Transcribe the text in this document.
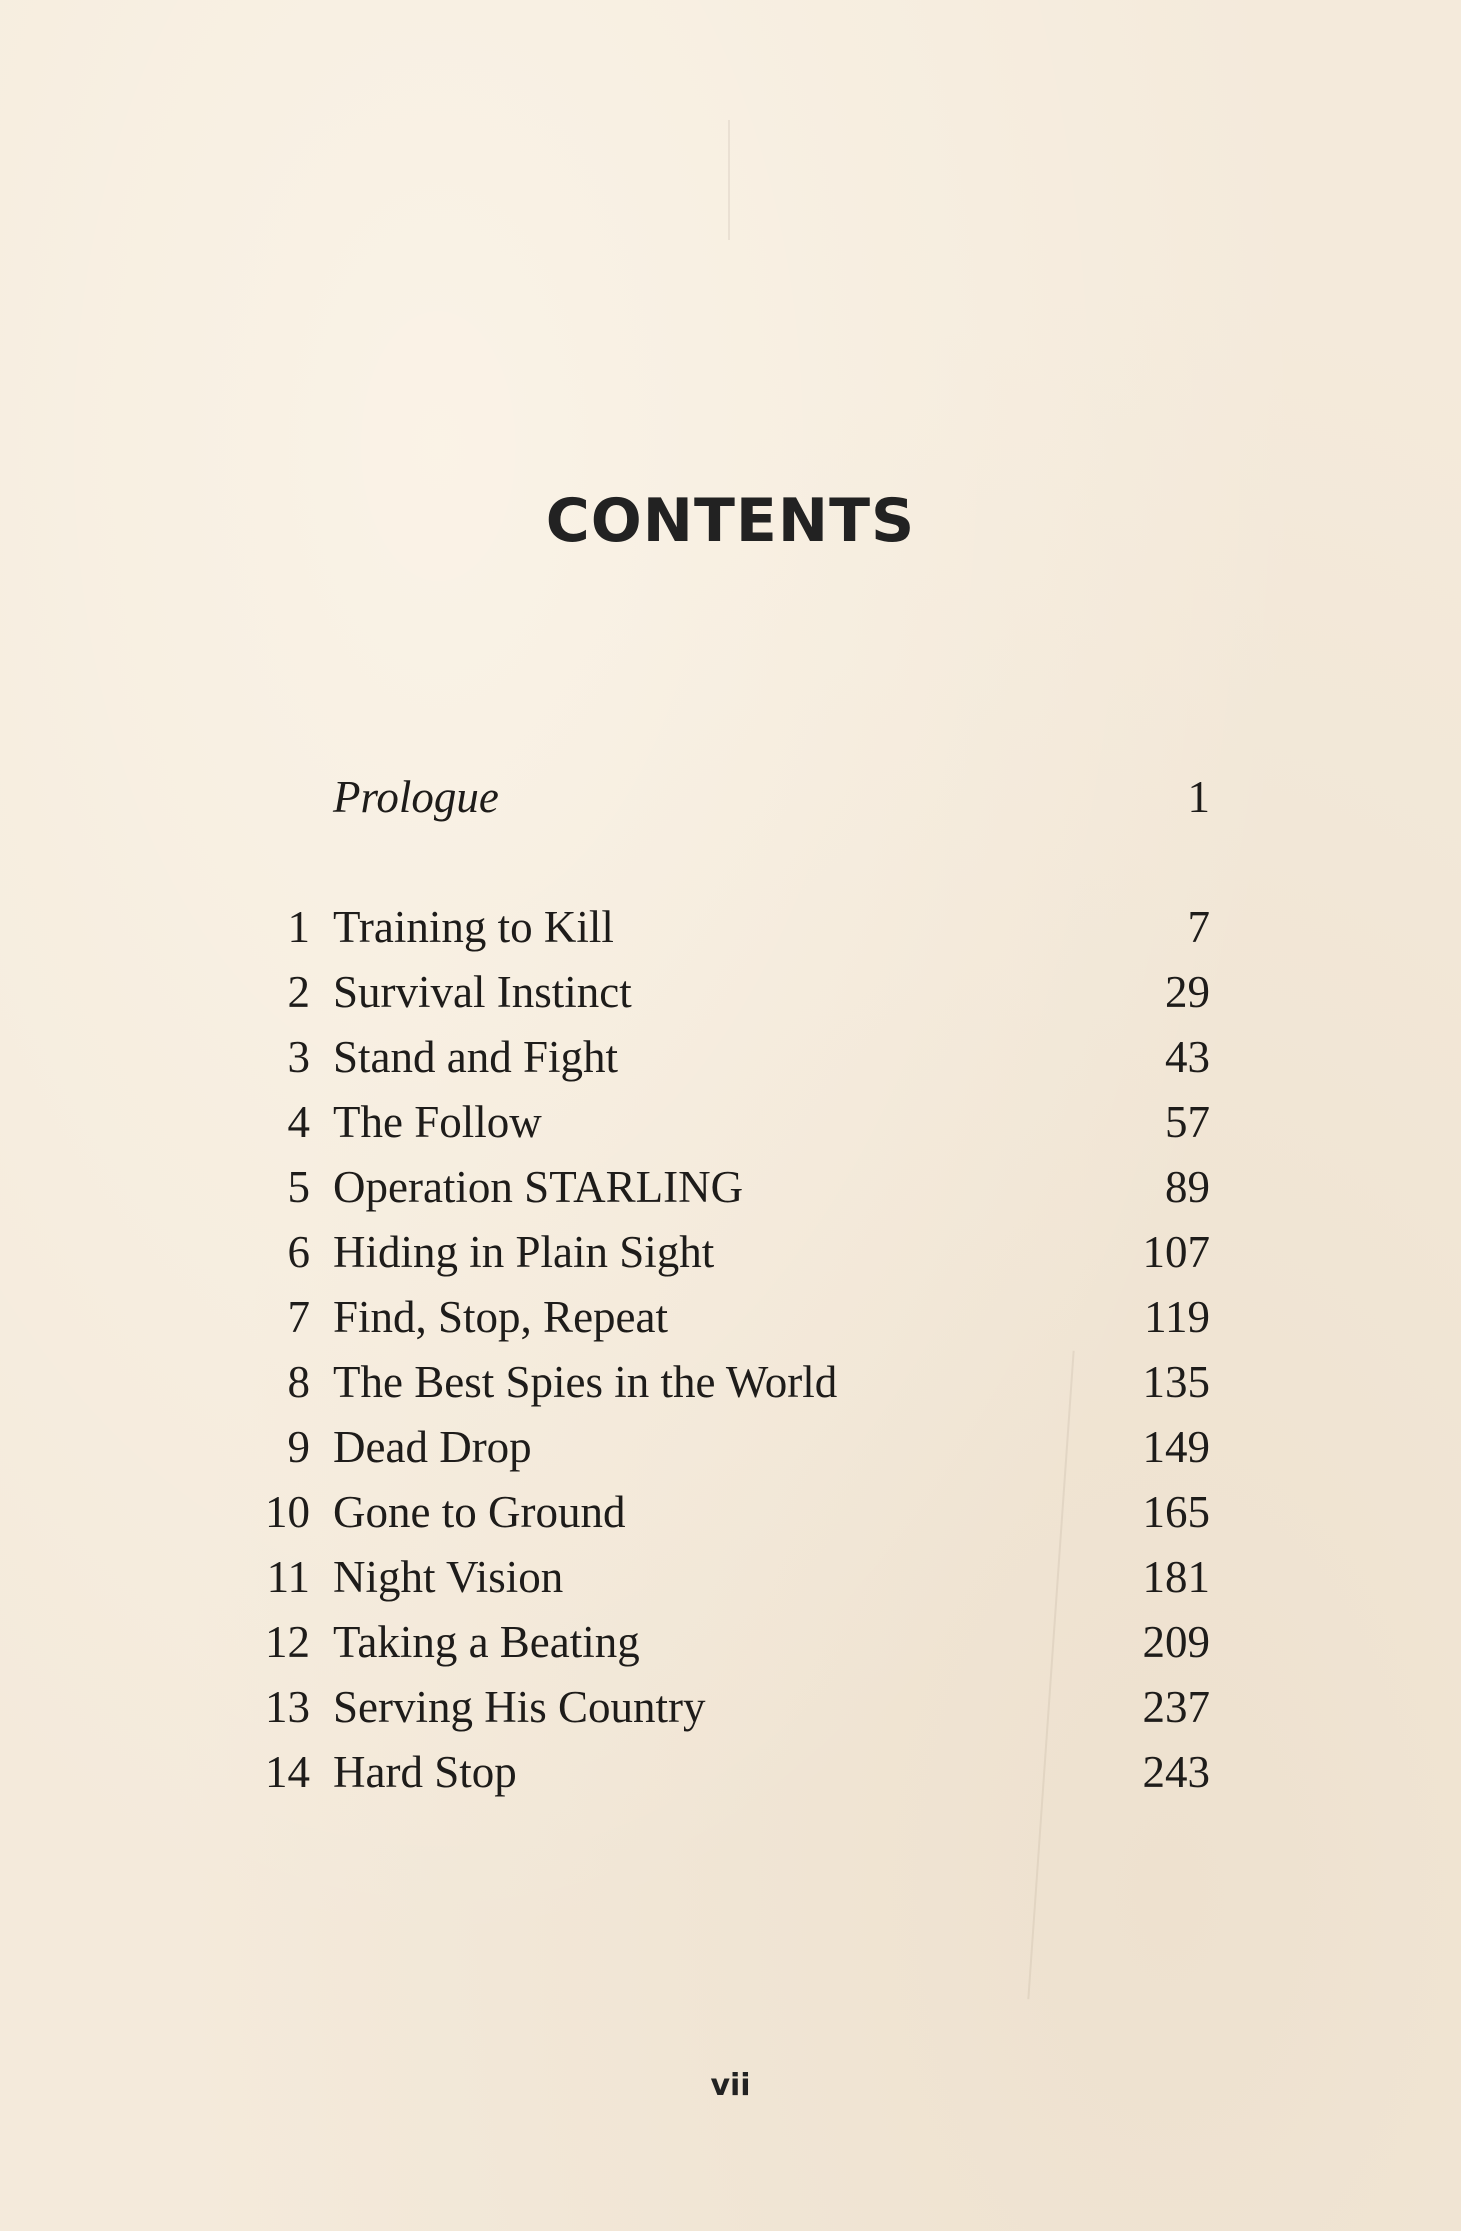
CONTENTS
Prologue	1
1 Training to Kill	7
2 Survival Instinct	29
3 Stand and Fight	43
4 The Follow	57
5 Operation STARLING	89
6 Hiding in Plain Sight	107
7 Find, Stop, Repeat	119
8 The Best Spies in the World	135
9 Dead Drop	149
10 Gone to Ground	165
11 Night Vision	181
12 Taking a Beating	209
13 Serving His Country	237
14 Hard Stop	243
vii
